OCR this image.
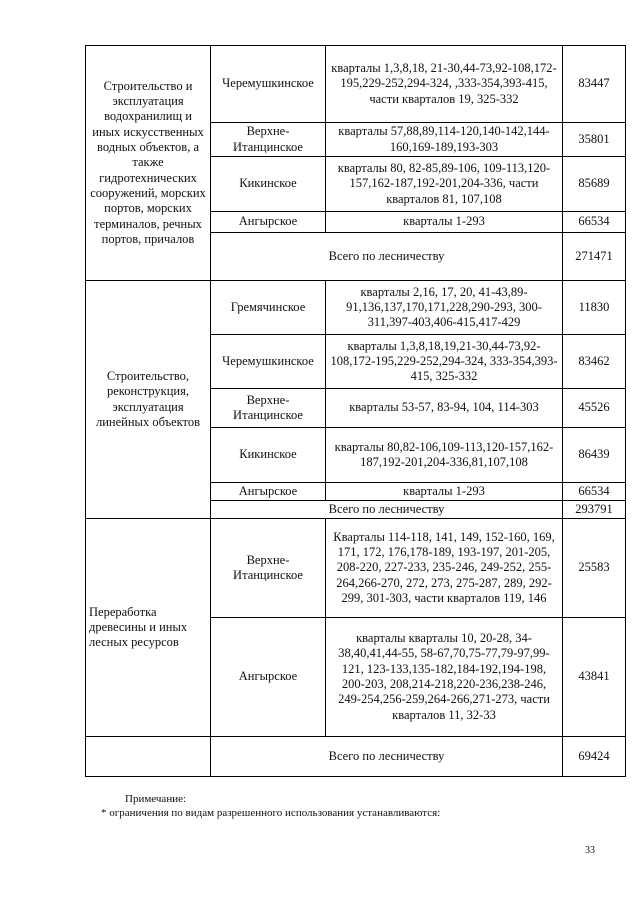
Строительство и эксплуатация водохранилищ и иных искусственных водных объектов, а также гидротехнических сооружений, морских портов, морских терминалов, речных портов, причалов	Черемушкинское	кварталы 1,3,8,18, 21-30,44-73,92-108,172-195,229-252,294-324, ,333-354,393-415, части кварталов 19, 325-332	83447
	Верхне-Итанцинское	кварталы 57,88,89,114-120,140-142,144-160,169-189,193-303	35801
	Кикинское	кварталы 80, 82-85,89-106, 109-113,120-157,162-187,192-201,204-336, части кварталов 81, 107,108	85689
	Ангырское	кварталы 1-293	66534
	Всего по лесничеству		271471
Строительство, реконструкция, эксплуатация линейных объектов	Гремячинское	кварталы 2,16, 17, 20, 41-43,89-91,136,137,170,171,228,290-293, 300-311,397-403,406-415,417-429	11830
	Черемушкинское	кварталы 1,3,8,18,19,21-30,44-73,92-108,172-195,229-252,294-324, 333-354,393-415, 325-332	83462
	Верхне-Итанцинское	кварталы 53-57, 83-94, 104, 114-303	45526
	Кикинское	кварталы 80,82-106,109-113,120-157,162-187,192-201,204-336,81,107,108	86439
	Ангырское	кварталы 1-293	66534
	Всего по лесничеству		293791
Переработка древесины и иных лесных ресурсов	Верхне-Итанцинское	Кварталы 114-118, 141, 149, 152-160, 169, 171, 172, 176,178-189, 193-197, 201-205, 208-220, 227-233, 235-246, 249-252, 255-264,266-270, 272, 273, 275-287, 289, 292-299, 301-303, части кварталов 119, 146	25583
	Ангырское	кварталы кварталы 10, 20-28, 34-38,40,41,44-55, 58-67,70,75-77,79-97,99-121, 123-133,135-182,184-192,194-198, 200-203, 208,214-218,220-236,238-246, 249-254,256-259,264-266,271-273, части кварталов 11, 32-33	43841
	Всего по лесничеству		69424
Примечание:
* ограничения по видам разрешенного использования устанавливаются:
33
